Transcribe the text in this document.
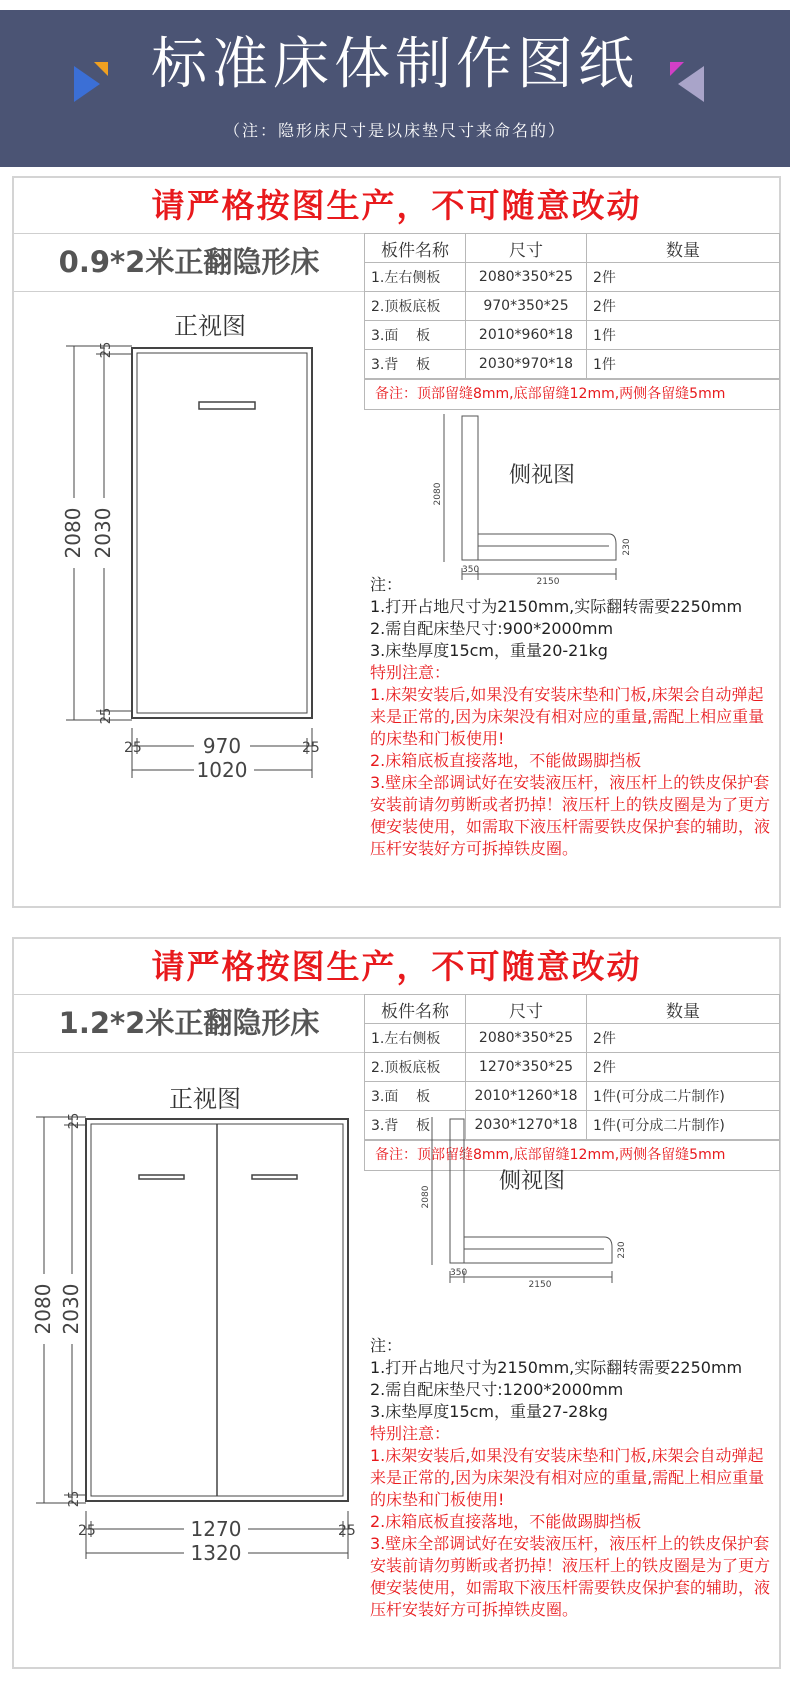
标准床体制作图纸
（注：隐形床尺寸是以床垫尺寸来命名的）
请严格按图生产，不可随意改动
0.9*2米正翻隐形床	板件名称	尺寸	数量
1.左右侧板	2080*350*25	2件
2.顶板底板	970*350*25	2件
3.面    板	2010*960*18	1件
3.背    板	2030*970*18	1件
备注：顶部留缝8mm,底部留缝12mm,两侧各留缝5mm
正视图
2080 2030
25
25
970
1020
25	25
侧视图
2080
350
2150
230
注：
1.打开占地尺寸为2150mm,实际翻转需要2250mm
2.需自配床垫尺寸:900*2000mm
3.床垫厚度15cm，重量20-21kg
特别注意：
1.床架安装后,如果没有安装床垫和门板,床架会自动弹起来是正常的,因为床架没有相对应的重量,需配上相应重量的床垫和门板使用!
2.床箱底板直接落地，不能做踢脚挡板
3.壁床全部调试好在安装液压杆，液压杆上的铁皮保护套安装前请勿剪断或者扔掉！液压杆上的铁皮圈是为了更方便安装使用，如需取下液压杆需要铁皮保护套的辅助，液压杆安装好方可拆掉铁皮圈。
请严格按图生产，不可随意改动
1.2*2米正翻隐形床	板件名称	尺寸	数量
1.左右侧板	2080*350*25	2件
2.顶板底板	1270*350*25	2件
3.面    板	2010*1260*18	1件(可分成二片制作)
3.背    板	2030*1270*18	1件(可分成二片制作)
备注：顶部留缝8mm,底部留缝12mm,两侧各留缝5mm
正视图
2080 2030
25
25
1270
1320
25	25
侧视图
2080
350
2150
230
注：
1.打开占地尺寸为2150mm,实际翻转需要2250mm
2.需自配床垫尺寸:1200*2000mm
3.床垫厚度15cm，重量27-28kg
特别注意：
1.床架安装后,如果没有安装床垫和门板,床架会自动弹起来是正常的,因为床架没有相对应的重量,需配上相应重量的床垫和门板使用!
2.床箱底板直接落地，不能做踢脚挡板
3.壁床全部调试好在安装液压杆，液压杆上的铁皮保护套安装前请勿剪断或者扔掉！液压杆上的铁皮圈是为了更方便安装使用，如需取下液压杆需要铁皮保护套的辅助，液压杆安装好方可拆掉铁皮圈。
